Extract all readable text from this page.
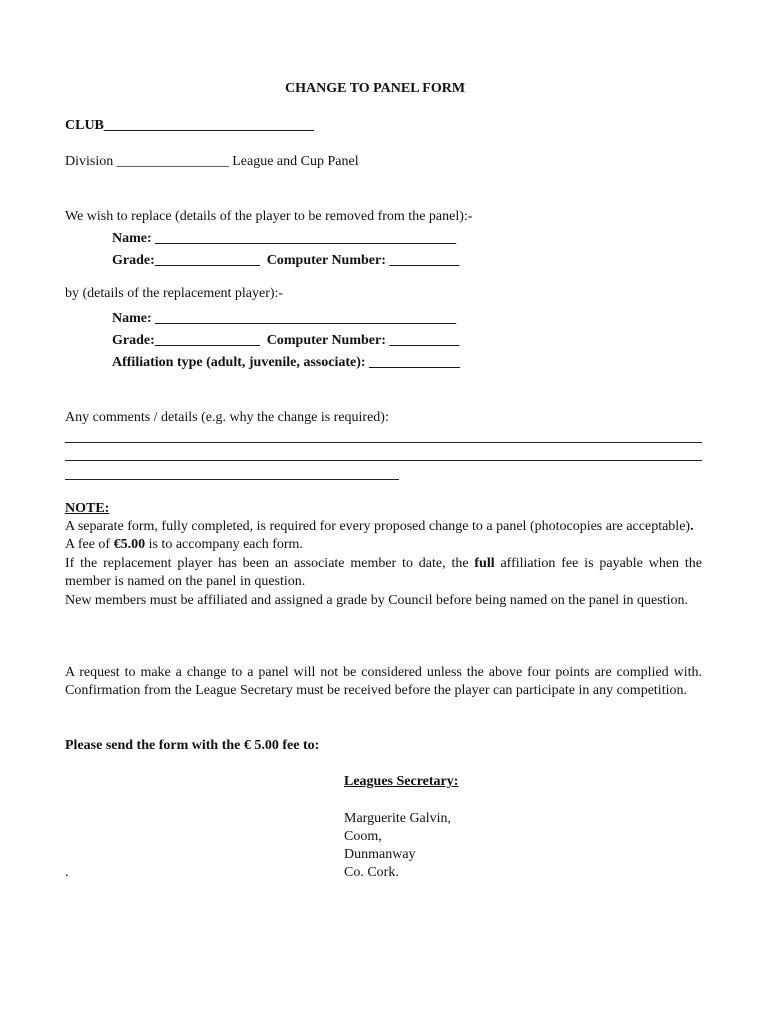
CHANGE TO PANEL FORM
CLUB______________________________
Division ________________ League and Cup Panel
We wish to replace (details of the player to be removed from the panel):-
Name: ___________________________________________
Grade:_______________ Computer Number: __________
by (details of the replacement player):-
Name: ___________________________________________
Grade:_______________ Computer Number: __________
Affiliation type (adult, juvenile, associate): _____________
Any comments / details (e.g. why the change is required):
NOTE:

A separate form, fully completed, is required for every proposed change to a panel (photocopies are acceptable).

A fee of €5.00 is to accompany each form.

If the replacement player has been an associate member to date, the full affiliation fee is payable when the member is named on the panel in question.

New members must be affiliated and assigned a grade by Council before being named on the panel in question.

A request to make a change to a panel will not be considered unless the above four points are complied with. Confirmation from the League Secretary must be received before the player can participate in any competition.
Please send the form with the € 5.00 fee to:
Leagues Secretary:
Marguerite Galvin,
Coom,
Dunmanway
Co. Cork.
.
